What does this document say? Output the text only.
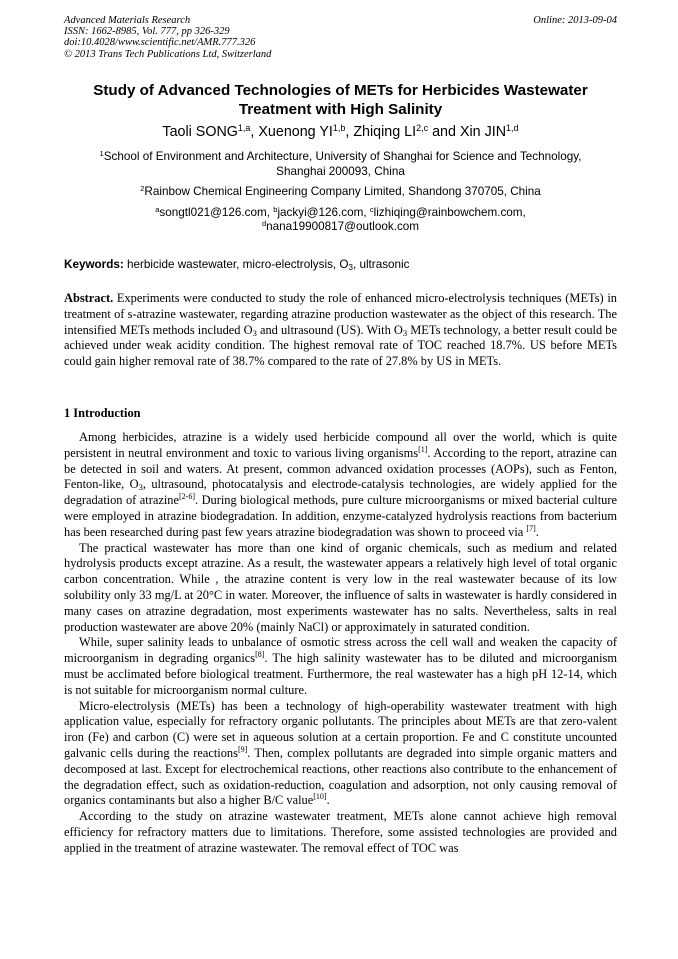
Advanced Materials Research
ISSN: 1662-8985, Vol. 777, pp 326-329
doi:10.4028/www.scientific.net/AMR.777.326
© 2013 Trans Tech Publications Ltd, Switzerland
Online: 2013-09-04
Study of Advanced Technologies of METs for Herbicides Wastewater
Treatment with High Salinity
Taoli SONG$^{1,a}$, Xuenong YI$^{1,b}$, Zhiqing LI$^{2,c}$ and Xin JIN$^{1,d}$
$^1$School of Environment and Architecture, University of Shanghai for Science and Technology,
Shanghai 200093, China
$^2$Rainbow Chemical Engineering Company Limited, Shandong 370705, China
$^a$songtl021@126.com, $^b$jackyi@126.com, $^c$lizhiqing@rainbowchem.com,
$^d$nana19900817@outlook.com
Keywords: herbicide wastewater, micro-electrolysis, $O_3$, ultrasonic
Abstract. Experiments were conducted to study the role of enhanced micro-electrolysis techniques (METs) in treatment of s-atrazine wastewater, regarding atrazine production wastewater as the object of this research. The intensified METs methods included $O_3$ and ultrasound (US). With $O_3$ METs technology, a better result could be achieved under weak acidity condition. The highest removal rate of TOC reached 18.7%. US before METs could gain higher removal rate of 38.7% compared to the rate of 27.8% by US in METs.
1 Introduction

Among herbicides, atrazine is a widely used herbicide compound all over the world, which is quite persistent in neutral environment and toxic to various living organisms[1]. According to the report, atrazine can be detected in soil and waters. At present, common advanced oxidation processes (AOPs), such as Fenton, Fenton-like, $O_3$, ultrasound, photocatalysis and electrode-catalysis technologies, are widely applied for the degradation of atrazine[2-6]. During biological methods, pure culture microorganisms or mixed bacterial culture were employed in atrazine biodegradation. In addition, enzyme-catalyzed hydrolysis reactions from bacterium has been researched during past few years atrazine biodegradation was shown to proceed via [7].

The practical wastewater has more than one kind of organic chemicals, such as medium and related hydrolysis products except atrazine. As a result, the wastewater appears a relatively high level of total organic carbon concentration. While , the atrazine content is very low in the real wastewater because of its low solubility only 33 mg/L at 20°C in water. Moreover, the influence of salts in wastewater is hardly considered in many cases on atrazine degradation, most experiments wastewater has no salts. Nevertheless, salts in real production wastewater are above 20% (mainly NaCl) or approximately in saturated condition.

While, super salinity leads to unbalance of osmotic stress across the cell wall and weaken the capacity of microorganism in degrading organics[8]. The high salinity wastewater has to be diluted and microorganism must be acclimated before biological treatment. Furthermore, the real wastewater has a high pH 12-14, which is not suitable for microorganism normal culture.

Micro-electrolysis (METs) has been a technology of high-operability wastewater treatment with high application value, especially for refractory organic pollutants. The principles about METs are that zero-valent iron (Fe) and carbon (C) were set in aqueous solution at a certain proportion. Fe and C constitute uncounted galvanic cells during the reactions[9]. Then, complex pollutants are degraded into simple organic matters and decomposed at last. Except for electrochemical reactions, other reactions also contribute to the enhancement of the degradation effect, such as oxidation-reduction, coagulation and adsorption, not only causing removal of organics contaminants but also a higher B/C value[10].

According to the study on atrazine wastewater treatment, METs alone cannot achieve high removal efficiency for refractory matters due to limitations. Therefore, some assisted technologies are provided and applied in the treatment of atrazine wastewater. The removal effect of TOC was
